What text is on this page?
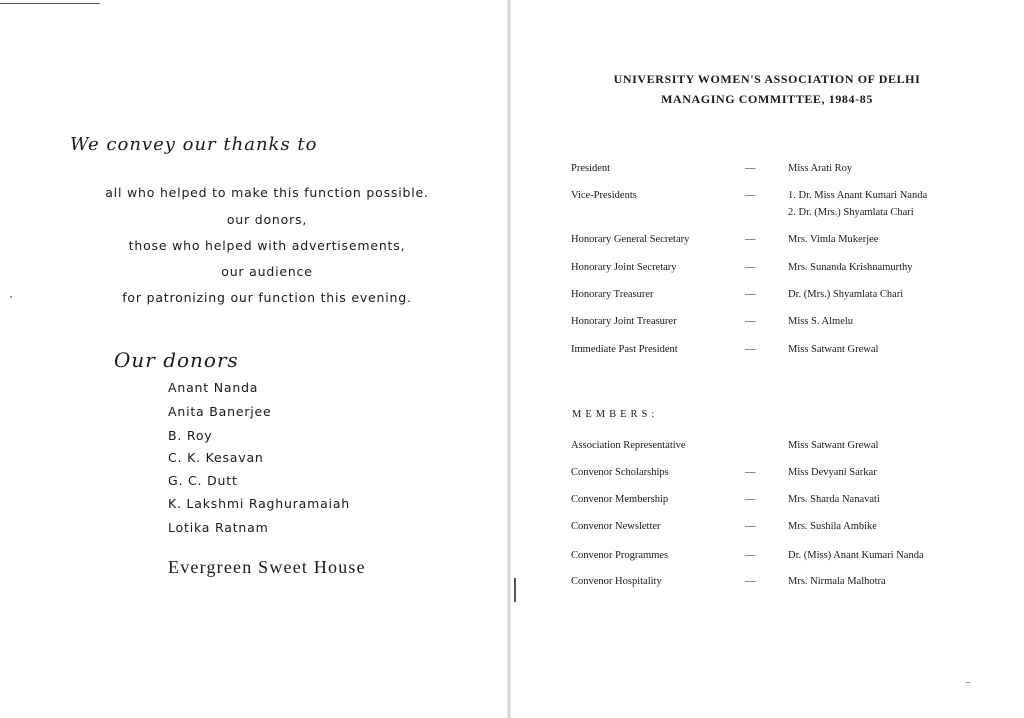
We convey our thanks to
all who helped to make this function possible.
our donors,
those who helped with advertisements,
our audience
for patronizing our function this evening.
Our donors
Anant Nanda
Anita Banerjee
B. Roy
C. K. Kesavan
G. C. Dutt
K. Lakshmi Raghuramaiah
Lotika Ratnam
Evergreen Sweet House
UNIVERSITY WOMEN'S ASSOCIATION OF DELHI
MANAGING COMMITTEE, 1984-85
President	—	Miss Arati Roy
Vice-Presidents	—	1. Dr. Miss Anant Kumari Nanda
2. Dr. (Mrs.) Shyamlata Chari
Honorary General Secretary	—	Mrs. Vimla Mukerjee
Honorary Joint Secretary	—	Mrs. Sunanda Krishnamurthy
Honorary Treasurer	—	Dr. (Mrs.) Shyamlata Chari
Honorary Joint Treasurer	—	Miss S. Almelu
Immediate Past President	—	Miss Satwant Grewal
MEMBERS:
Association Representative	Miss Satwant Grewal
Convenor Scholarships	—	Miss Devyani Sarkar
Convenor Membership	—	Mrs. Sharda Nanavati
Convenor Newsletter	—	Mrs. Sushila Ambike
Convenor Programmes	—	Dr. (Miss) Anant Kumari Nanda
Convenor Hospitality	—	Mrs. Nirmala Malhotra
